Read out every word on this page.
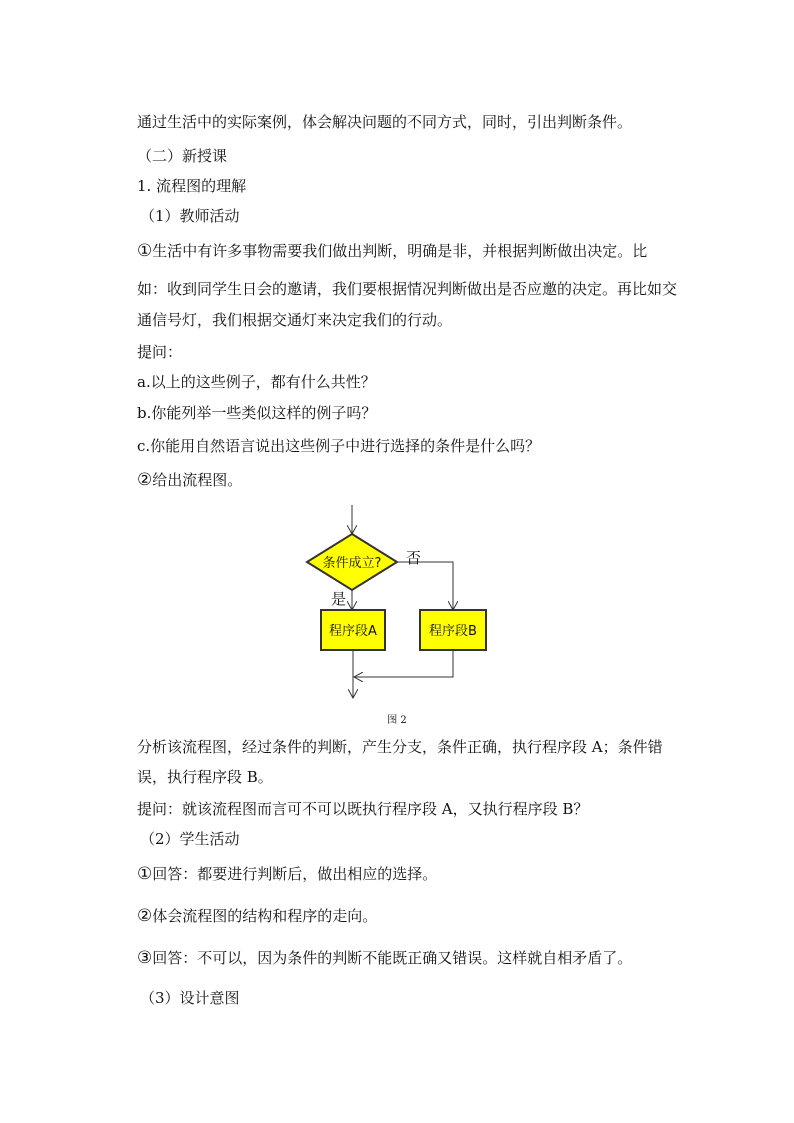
通过生活中的实际案例，体会解决问题的不同方式，同时，引出判断条件。

（二）新授课

1. 流程图的理解

（1）教师活动

①生活中有许多事物需要我们做出判断，明确是非，并根据判断做出决定。比

如：收到同学生日会的邀请，我们要根据情况判断做出是否应邀的决定。再比如交

通信号灯，我们根据交通灯来决定我们的行动。

提问：

a.以上的这些例子，都有什么共性？

b.你能列举一些类似这样的例子吗？

c.你能用自然语言说出这些例子中进行选择的条件是什么吗？

②给出流程图。

条件成立?
是
否
程序段A	程序段B
图 2

分析该流程图，经过条件的判断，产生分支，条件正确，执行程序段 A；条件错

误，执行程序段 B。

提问：就该流程图而言可不可以既执行程序段 A，又执行程序段 B？

（2）学生活动

①回答：都要进行判断后，做出相应的选择。

②体会流程图的结构和程序的走向。

③回答：不可以，因为条件的判断不能既正确又错误。这样就自相矛盾了。

（3）设计意图
